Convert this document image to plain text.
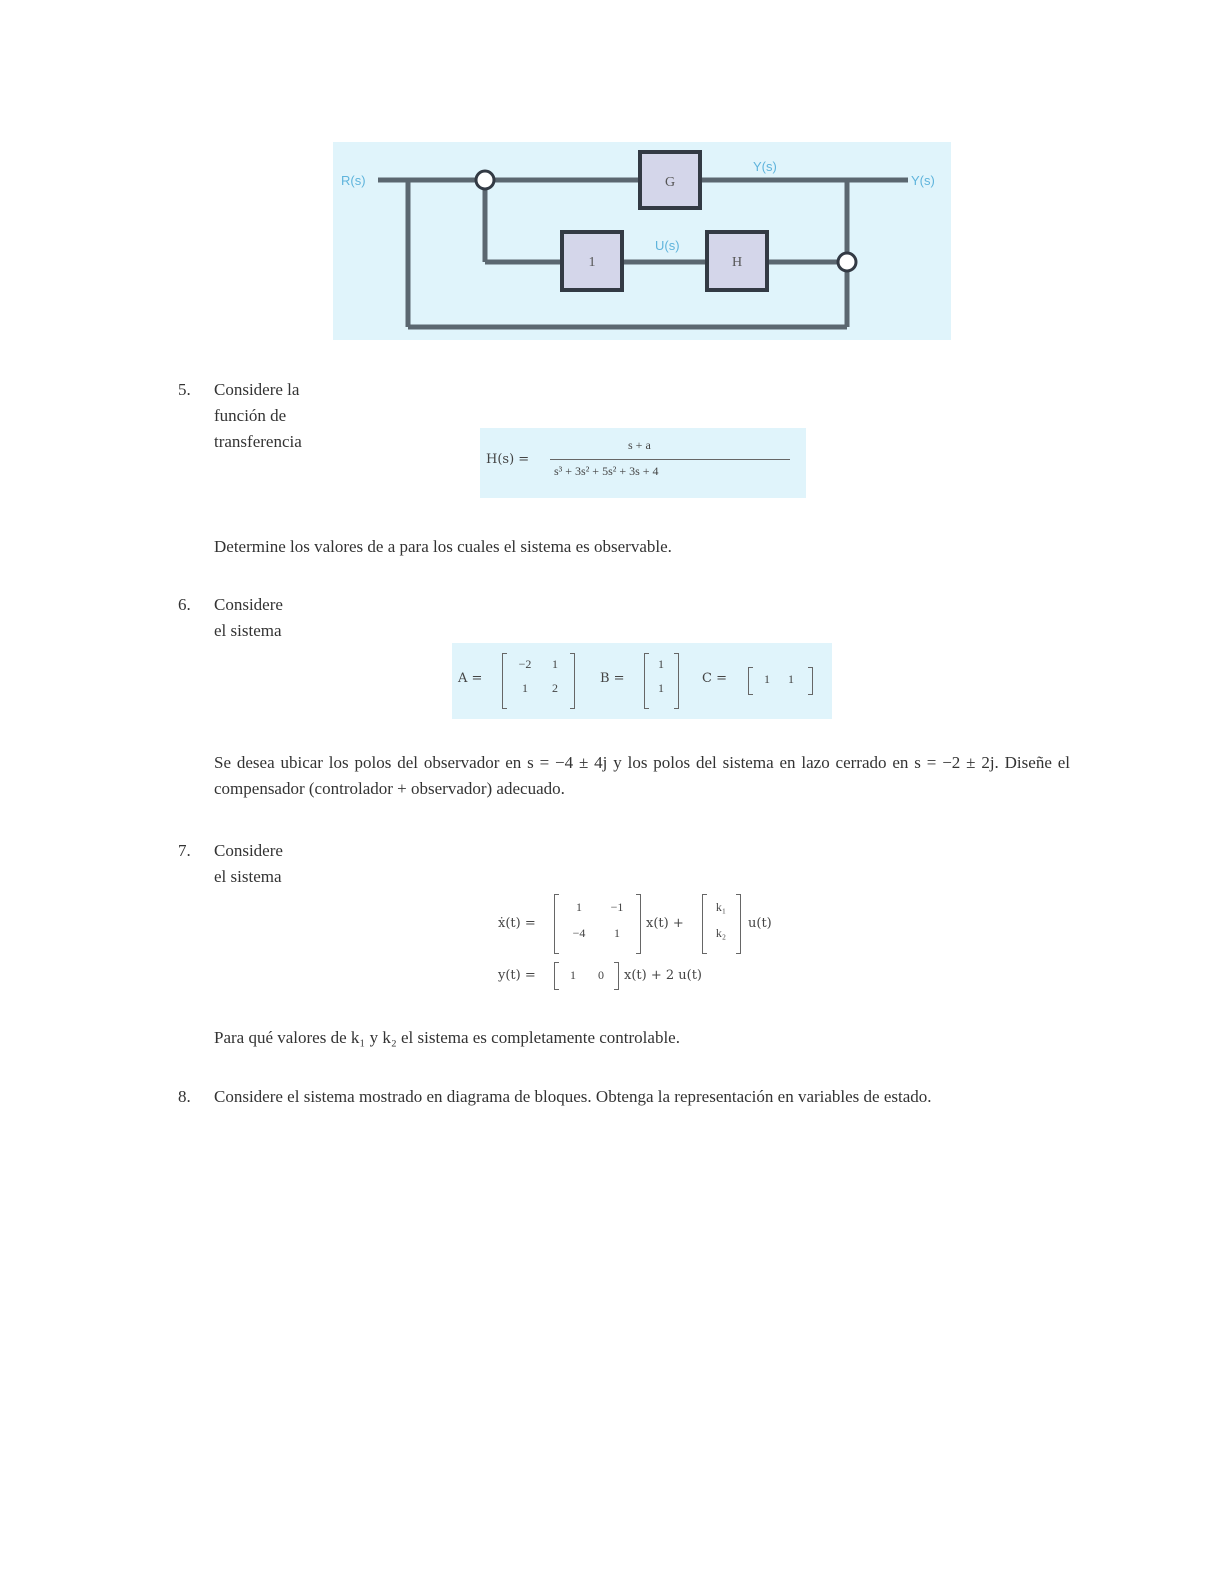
G
1	H
R(s)	Y(s)
Y(s)
U(s)
5.	Considere la función de transferencia
H(s) =
s + a
s³ + 3s² + 5s² + 3s + 4
Determine los valores de a para los cuales el sistema es observable.
6.	Considere el sistema
A =
−2	1
1	2
B =
1
1
C =	1	1
Se desea ubicar los polos del observador en s = −4 ± 4j y los polos del sistema en lazo cerrado en s = −2 ± 2j. Diseñe el compensador (controlador + observador) adecuado.
7.	Considere el sistema
ẋ(t) =
1	−1
−4	1
x(t) +
k₁
k₂
u(t)
y(t) =	1	0	x(t) + 2 u(t)
Para qué valores de k₁ y k₂ el sistema es completamente controlable.
8.	Considere el sistema mostrado en diagrama de bloques. Obtenga la representación en variables de estado.
